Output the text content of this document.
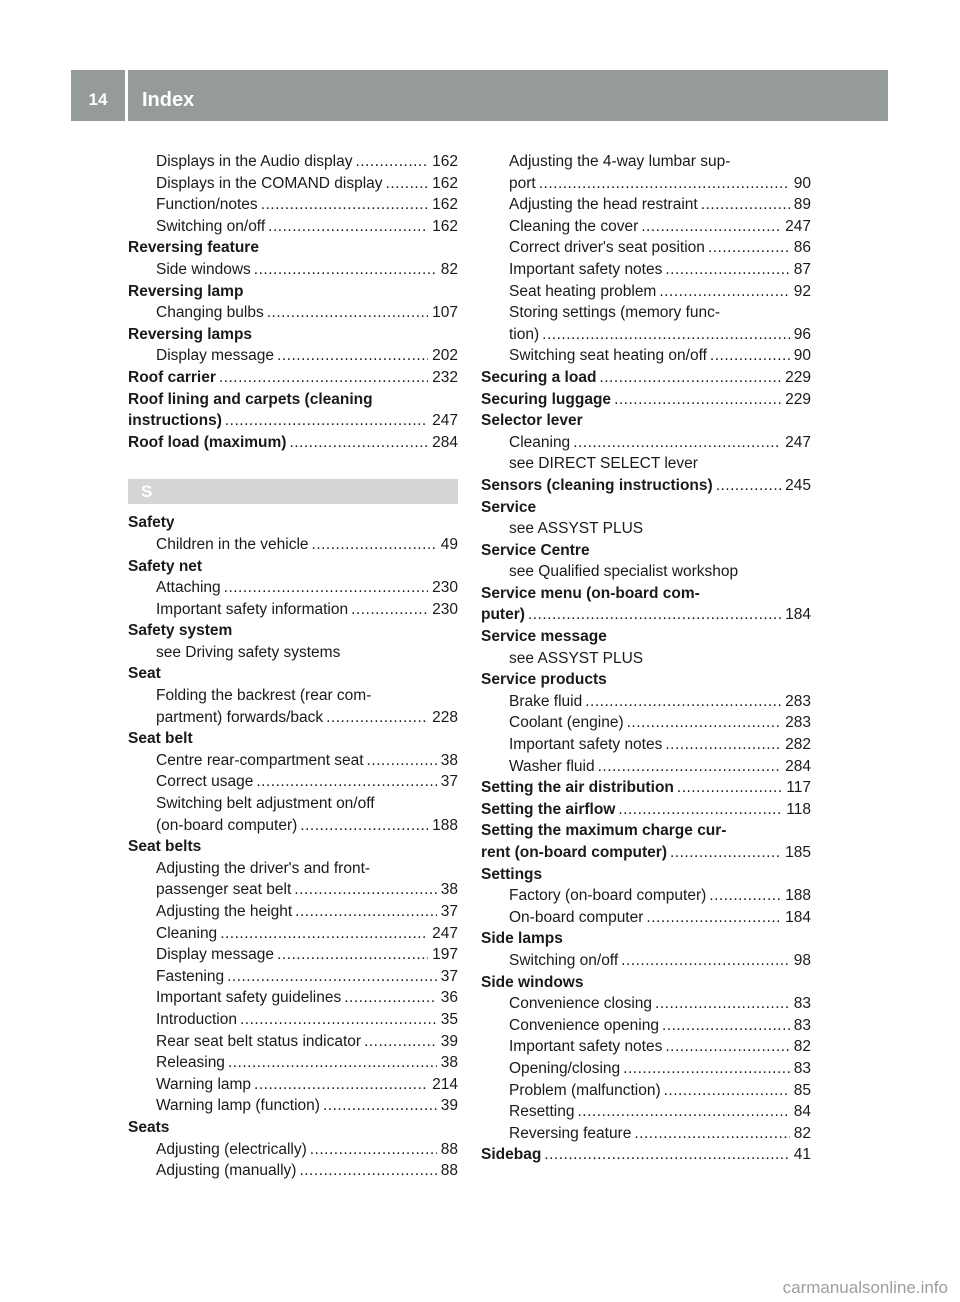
14	Index
Displays in the Audio display .....	162
Displays in the COMAND display .....	162
Function/notes .....	162
Switching on/off .....	162
Reversing feature
Side windows .....	82
Reversing lamp
Changing bulbs .....	107
Reversing lamps
Display message .....	202
Roof carrier .....	232
Roof lining and carpets (cleaning
instructions) .....	247
Roof load (maximum) .....	284
S
Safety
Children in the vehicle .....	49
Safety net
Attaching .....	230
Important safety information .....	230
Safety system
see Driving safety systems
Seat
Folding the backrest (rear com-
partment) forwards/back .....	228
Seat belt
Centre rear-compartment seat .....	38
Correct usage .....	37
Switching belt adjustment on/off
(on-board computer) .....	188
Seat belts
Adjusting the driver's and front-
passenger seat belt .....	38
Adjusting the height .....	37
Cleaning .....	247
Display message .....	197
Fastening .....	37
Important safety guidelines .....	36
Introduction .....	35
Rear seat belt status indicator .....	39
Releasing .....	38
Warning lamp .....	214
Warning lamp (function) .....	39
Seats
Adjusting (electrically) .....	88
Adjusting (manually) .....	88
Adjusting the 4-way lumbar sup-
port .....	90
Adjusting the head restraint .....	89
Cleaning the cover .....	247
Correct driver's seat position .....	86
Important safety notes .....	87
Seat heating problem .....	92
Storing settings (memory func-
tion) .....	96
Switching seat heating on/off .....	90
Securing a load .....	229
Securing luggage .....	229
Selector lever
Cleaning .....	247
see DIRECT SELECT lever
Sensors (cleaning instructions) .....	245
Service
see ASSYST PLUS
Service Centre
see Qualified specialist workshop
Service menu (on-board com-
puter) .....	184
Service message
see ASSYST PLUS
Service products
Brake fluid .....	283
Coolant (engine) .....	283
Important safety notes .....	282
Washer fluid .....	284
Setting the air distribution .....	117
Setting the airflow .....	118
Setting the maximum charge cur-
rent (on-board computer) .....	185
Settings
Factory (on-board computer) .....	188
On-board computer .....	184
Side lamps
Switching on/off .....	98
Side windows
Convenience closing .....	83
Convenience opening .....	83
Important safety notes .....	82
Opening/closing .....	83
Problem (malfunction) .....	85
Resetting .....	84
Reversing feature .....	82
Sidebag .....	41
carmanualsonline.info
